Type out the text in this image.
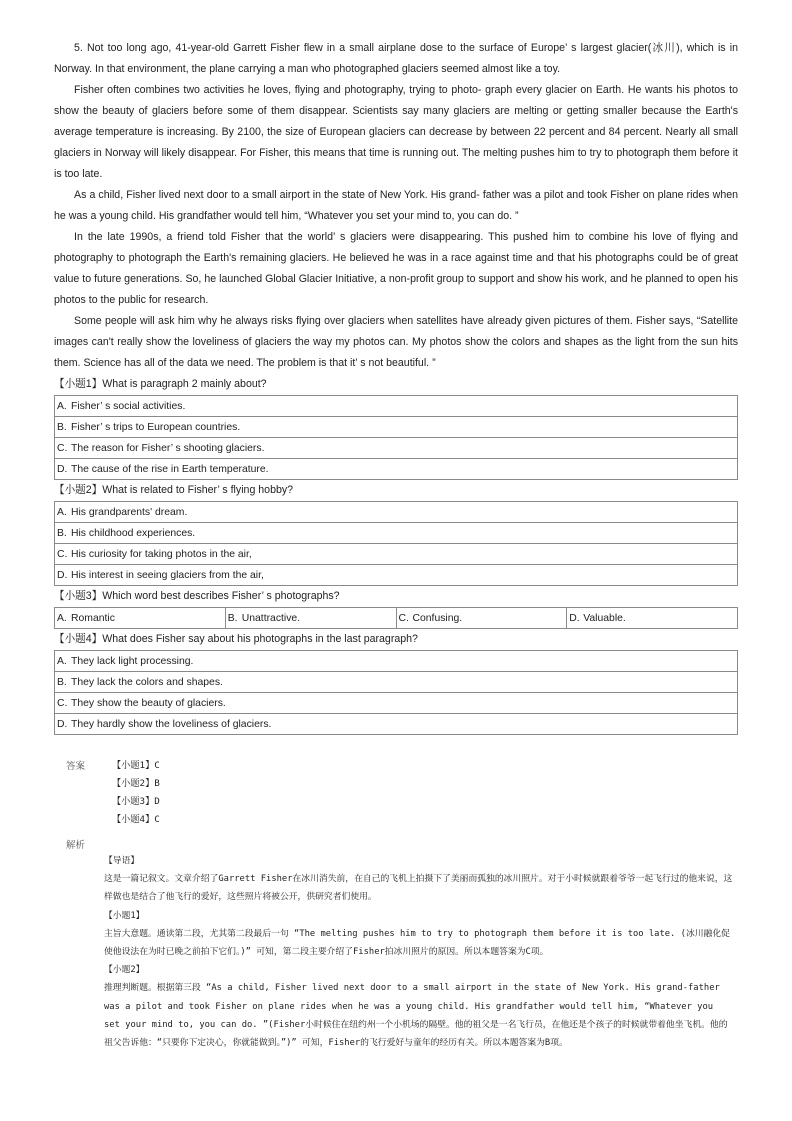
5. Not too long ago, 41-year-old Garrett Fisher flew in a small airplane dose to the surface of Europe’ s largest glacier(冰川), which is in Norway. In that environment, the plane carrying a man who photographed glaciers seemed almost like a toy.

Fisher often combines two activities he loves, flying and photography, trying to photo- graph every glacier on Earth. He wants his photos to show the beauty of glaciers before some of them disappear. Scientists say many glaciers are melting or getting smaller because the Earth's average temperature is increasing. By 2100, the size of European glaciers can decrease by between 22 percent and 84 percent. Nearly all small glaciers in Norway will likely disappear. For Fisher, this means that time is running out. The melting pushes him to try to photograph them before it is too late.

As a child, Fisher lived next door to a small airport in the state of New York. His grand- father was a pilot and took Fisher on plane rides when he was a young child. His grandfather would tell him, “Whatever you set your mind to, you can do. ”

In the late 1990s, a friend told Fisher that the world’ s glaciers were disappearing. This pushed him to combine his love of flying and photography to photograph the Earth's remaining glaciers. He believed he was in a race against time and that his photographs could be of great value to future generations. So, he launched Global Glacier Initiative, a non-profit group to support and show his work, and he planned to open his photos to the public for research.

Some people will ask him why he always risks flying over glaciers when satellites have already given pictures of them. Fisher says, “Satellite images can't really show the loveliness of glaciers the way my photos can. My photos show the colors and shapes as the light from the sun hits them. Science has all of the data we need. The problem is that it’ s not beautiful. ”

【小题1】What is paragraph 2 mainly about?

A. Fisher’ s social activities.
B. Fisher’ s trips to European countries.
C. The reason for Fisher’ s shooting glaciers.
D. The cause of the rise in Earth temperature.

【小题2】What is related to Fisher’ s flying hobby?

A. His grandparents' dream.
B. His childhood experiences.
C. His curiosity for taking photos in the air,
D. His interest in seeing glaciers from the air,

【小题3】Which word best describes Fisher’ s photographs?

A. Romantic	B. Unattractive.	C. Confusing.	D. Valuable.

【小题4】What does Fisher say about his photographs in the last paragraph?

A. They lack light processing.
B. They lack the colors and shapes.
C. They show the beauty of glaciers.
D. They hardly show the loveliness of glaciers.
答案	【小题1】C
【小题2】B
【小题3】D
【小题4】C
解析

【导语】

这是一篇记叙文。文章介绍了Garrett Fisher在冰川消失前，在自己的飞机上拍摄下了美丽而孤独的冰川照片。对于小时候就跟着爷爷一起飞行过的他来说，这样做也是结合了他飞行的爱好，这些照片将被公开，供研究者们使用。

【小题1】

主旨大意题。通读第二段，尤其第二段最后一句 “The melting pushes him to try to photograph them before it is too late. (冰川融化促使他设法在为时已晚之前拍下它们。)” 可知，第二段主要介绍了Fisher拍冰川照片的原因。所以本题答案为C项。

【小题2】

推理判断题。根据第三段 “As a child, Fisher lived next door to a small airport in the state of New York. His grand-father was a pilot and took Fisher on plane rides when he was a young child. His grandfather would tell him, “Whatever you set your mind to, you can do. ”(Fisher小时候住在纽约州一个小机场的隔壁。他的祖父是一名飞行员，在他还是个孩子的时候就带着他坐飞机。他的祖父告诉他：“只要你下定决心，你就能做到。”)” 可知，Fisher的飞行爱好与童年的经历有关。所以本题答案为B项。
